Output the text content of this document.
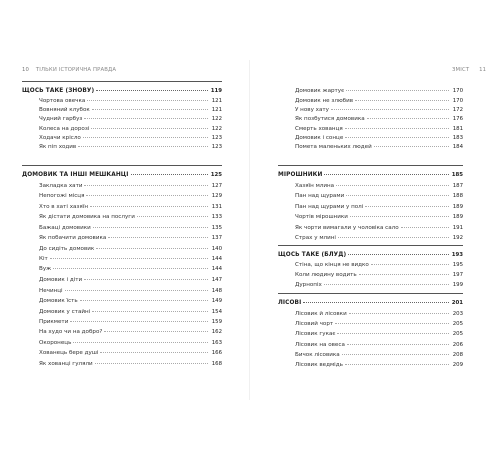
10 ТІЛЬКИ ІСТОРИЧНА ПРАВДА	ЗМІСТ 11
ЩОСЬ ТАКЕ (ЗНОВУ)	119
Чортова овечка	121
Вовняний клубок	121
Чудний гарбуз	122
Колеса на дорозі	122
Ходачи крісло	123
Як піп ходив	123
ДОМОВИК ТА ІНШІ МЕШКАНЦІ	125
Закладка хати	127
Непогожі місця	129
Хто в хаті хазяїн	131
Як дістати домовика на послуги	133
Бажаці домовики	135
Як побачити домовика	137
До сидіть домовик	140
Кіт	144
Вуж	144
Домовик і діти	147
Нечинці	148
Домовик їсть	149
Домовик у стайні	154
Прикмети	159
На худо чи на добро?	162
Окоронець	163
Хованець бере душі	166
Як хованці гуляли	168
Домовик жартує	170
Домовик не злюбив	170
У нову хату	172
Як позбутися домовика	176
Смерть хованця	181
Домовик і сонце	183
Помета маленьких людей	184
МІРОШНИКИ	185
Хазяїн млина	187
Пан над щурами	188
Пан над щурами у полі	189
Чортів мірошники	189
Як чорти вимагали у чоловіка сало	191
Страх у млині	192
ЩОСЬ ТАКЕ (БЛУД)	193
Стіна, що кінця не видко	195
Коли людину водить	197
Дурнопіх	199
ЛІСОВІ	201
Лісовик й лісовки	203
Лісовий чорт	205
Лісовик гукає	205
Лісовик на овеса	206
Бичок лісовика	208
Лісовик ведмідь	209
